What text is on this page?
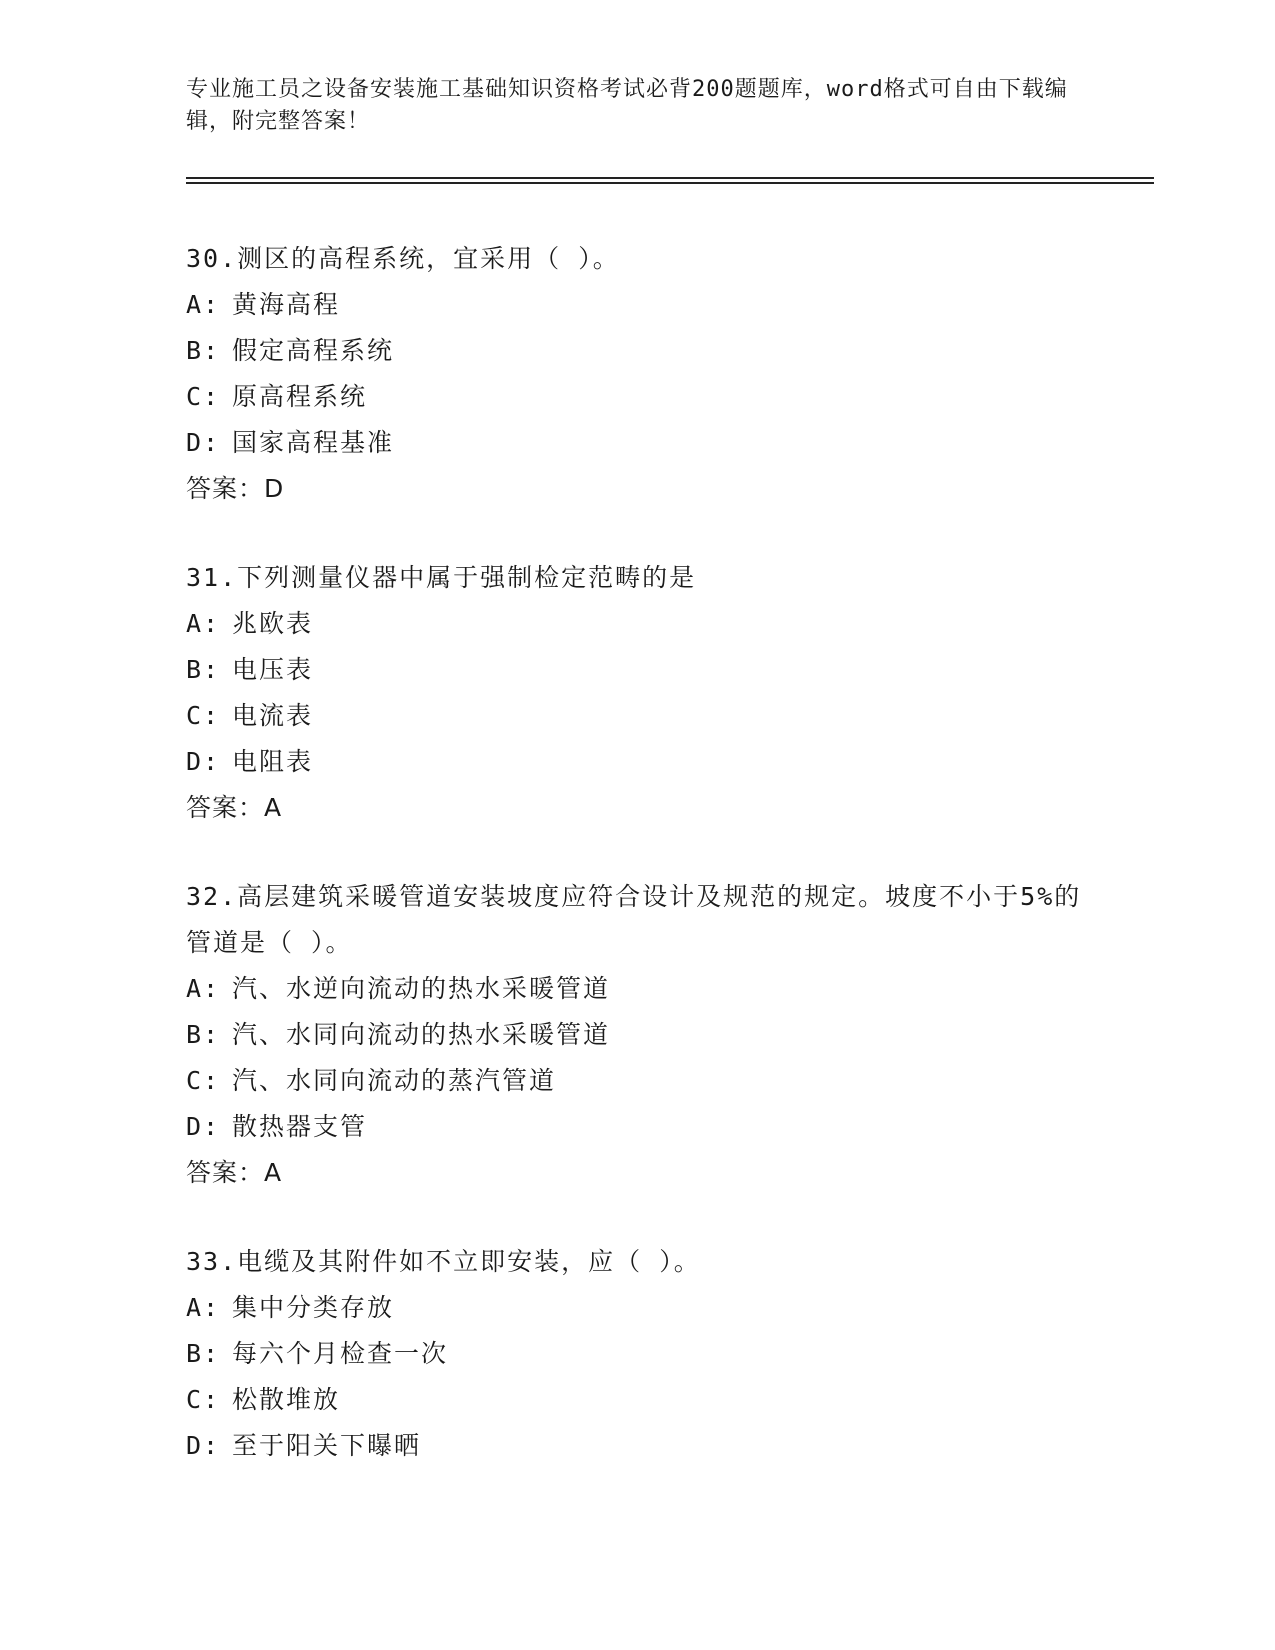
专业施工员之设备安装施工基础知识资格考试必背200题题库，word格式可自由下载编辑，附完整答案！
30.测区的高程系统，宜采用（ ）。
A: 黄海高程
B: 假定高程系统
C: 原高程系统
D: 国家高程基准
答案：D
31.下列测量仪器中属于强制检定范畴的是
A: 兆欧表
B: 电压表
C: 电流表
D: 电阻表
答案：A
32.高层建筑采暖管道安装坡度应符合设计及规范的规定。坡度不小于5%的管道是（ ）。
A: 汽、水逆向流动的热水采暖管道
B: 汽、水同向流动的热水采暖管道
C: 汽、水同向流动的蒸汽管道
D: 散热器支管
答案：A
33.电缆及其附件如不立即安装，应（ ）。
A: 集中分类存放
B: 每六个月检查一次
C: 松散堆放
D: 至于阳关下曝晒
